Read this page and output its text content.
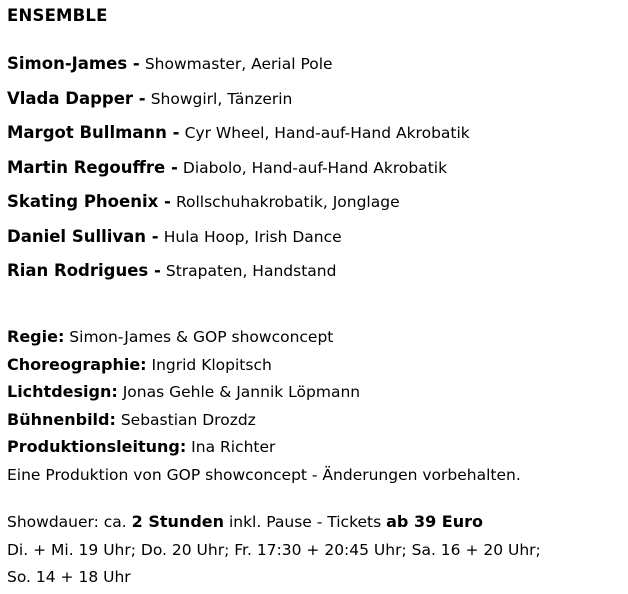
ENSEMBLE
Simon-James - Showmaster, Aerial Pole
Vlada Dapper - Showgirl, Tänzerin
Margot Bullmann - Cyr Wheel, Hand-auf-Hand Akrobatik
Martin Regouffre - Diabolo, Hand-auf-Hand Akrobatik
Skating Phoenix - Rollschuhakrobatik, Jonglage
Daniel Sullivan - Hula Hoop, Irish Dance
Rian Rodrigues - Strapaten, Handstand
Regie: Simon-James & GOP showconcept
Choreographie: Ingrid Klopitsch
Lichtdesign: Jonas Gehle & Jannik Löpmann
Bühnenbild: Sebastian Drozdz
Produktionsleitung: Ina Richter
Eine Produktion von GOP showconcept - Änderungen vorbehalten.
Showdauer: ca. 2 Stunden inkl. Pause - Tickets ab 39 Euro
Di. + Mi. 19 Uhr; Do. 20 Uhr; Fr. 17:30 + 20:45 Uhr; Sa. 16 + 20 Uhr;
So. 14 + 18 Uhr
